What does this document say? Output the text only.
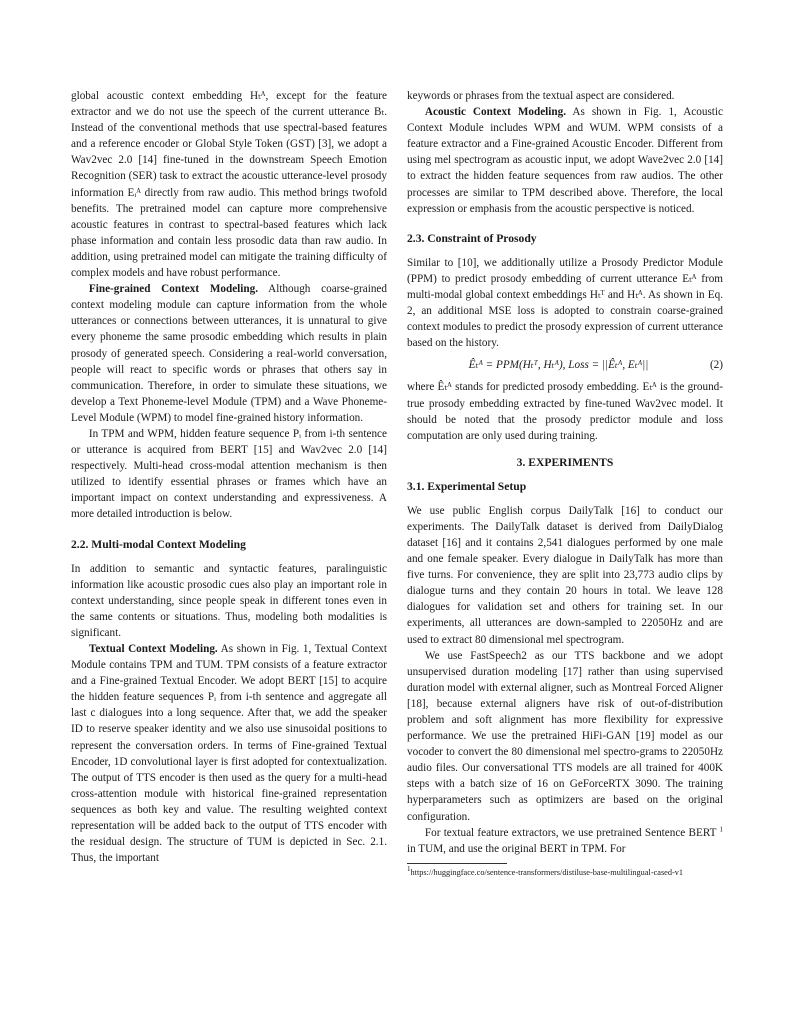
global acoustic context embedding Hₜᴬ, except for the feature extractor and we do not use the speech of the current utterance Bₜ. Instead of the conventional methods that use spectral-based features and a reference encoder or Global Style Token (GST) [3], we adopt a Wav2vec 2.0 [14] fine-tuned in the downstream Speech Emotion Recognition (SER) task to extract the acoustic utterance-level prosody information Eᵢᴬ directly from raw audio. This method brings twofold benefits. The pretrained model can capture more comprehensive acoustic features in contrast to spectral-based features which lack phase information and contain less prosodic data than raw audio. In addition, using pretrained model can mitigate the training difficulty of complex models and have robust performance.

Fine-grained Context Modeling. Although coarse-grained context modeling module can capture information from the whole utterances or connections between utterances, it is unnatural to give every phoneme the same prosodic embedding which results in plain prosody of generated speech. Considering a real-world conversation, people will react to specific words or phrases that others say in communication. Therefore, in order to simulate these situations, we develop a Text Phoneme-level Module (TPM) and a Wave Phoneme-Level Module (WPM) to model fine-grained history information.

In TPM and WPM, hidden feature sequence Pᵢ from i-th sentence or utterance is acquired from BERT [15] and Wav2vec 2.0 [14] respectively. Multi-head cross-modal attention mechanism is then utilized to identify essential phrases or frames which have an important impact on context understanding and expressiveness. A more detailed introduction is below.

2.2. Multi-modal Context Modeling

In addition to semantic and syntactic features, paralinguistic information like acoustic prosodic cues also play an important role in context understanding, since people speak in different tones even in the same contents or situations. Thus, modeling both modalities is significant.

Textual Context Modeling. As shown in Fig. 1, Textual Context Module contains TPM and TUM. TPM consists of a feature extractor and a Fine-grained Textual Encoder. We adopt BERT [15] to acquire the hidden feature sequences Pᵢ from i-th sentence and aggregate all last c dialogues into a long sequence. After that, we add the speaker ID to reserve speaker identity and we also use sinusoidal positions to represent the conversation orders. In terms of Fine-grained Textual Encoder, 1D convolutional layer is first adopted for contextualization. The output of TTS encoder is then used as the query for a multi-head cross-attention module with historical fine-grained representation sequences as both key and value. The resulting weighted context representation will be added back to the output of TTS encoder with the residual design. The structure of TUM is depicted in Sec. 2.1. Thus, the important

keywords or phrases from the textual aspect are considered.

Acoustic Context Modeling. As shown in Fig. 1, Acoustic Context Module includes WPM and WUM. WPM consists of a feature extractor and a Fine-grained Acoustic Encoder. Different from using mel spectrogram as acoustic input, we adopt Wave2vec 2.0 [14] to extract the hidden feature sequences from raw audios. The other processes are similar to TPM described above. Therefore, the local expression or emphasis from the acoustic perspective is noticed.

2.3. Constraint of Prosody

Similar to [10], we additionally utilize a Prosody Predictor Module (PPM) to predict prosody embedding of current utterance Eₜᴬ from multi-modal global context embeddings Hₜᵀ and Hₜᴬ. As shown in Eq. 2, an additional MSE loss is adopted to constrain coarse-grained context modules to predict the prosody expression of current utterance based on the history.

Êₜᴬ = PPM(Hₜᵀ, Hₜᴬ), Loss = ||Êₜᴬ, Eₜᴬ||	(2)

where Êₜᴬ stands for predicted prosody embedding. Eₜᴬ is the ground-true prosody embedding extracted by fine-tuned Wav2vec model. It should be noted that the prosody predictor module and loss computation are only used during training.

3. EXPERIMENTS
3.1. Experimental Setup

We use public English corpus DailyTalk [16] to conduct our experiments. The DailyTalk dataset is derived from DailyDialog dataset [16] and it contains 2,541 dialogues performed by one male and one female speaker. Every dialogue in DailyTalk has more than five turns. For convenience, they are split into 23,773 audio clips by dialogue turns and they contain 20 hours in total. We leave 128 dialogues for validation set and others for training set. In our experiments, all utterances are down-sampled to 22050Hz and are used to extract 80 dimensional mel spectrogram.

We use FastSpeech2 as our TTS backbone and we adopt unsupervised duration modeling [17] rather than using supervised duration model with external aligner, such as Montreal Forced Aligner [18], because external aligners have risk of out-of-distribution problem and soft alignment has more flexibility for expressive performance. We use the pretrained HiFi-GAN [19] model as our vocoder to convert the 80 dimensional mel spectro-grams to 22050Hz audio files. Our conversational TTS models are all trained for 400K steps with a batch size of 16 on GeForceRTX 3090. The training hyperparameters such as optimizers are based on the original configuration.

For textual feature extractors, we use pretrained Sentence BERT $^1$ in TUM, and use the original BERT in TPM. For

$^1$https://huggingface.co/sentence-transformers/distiluse-base-multilingual-cased-v1
